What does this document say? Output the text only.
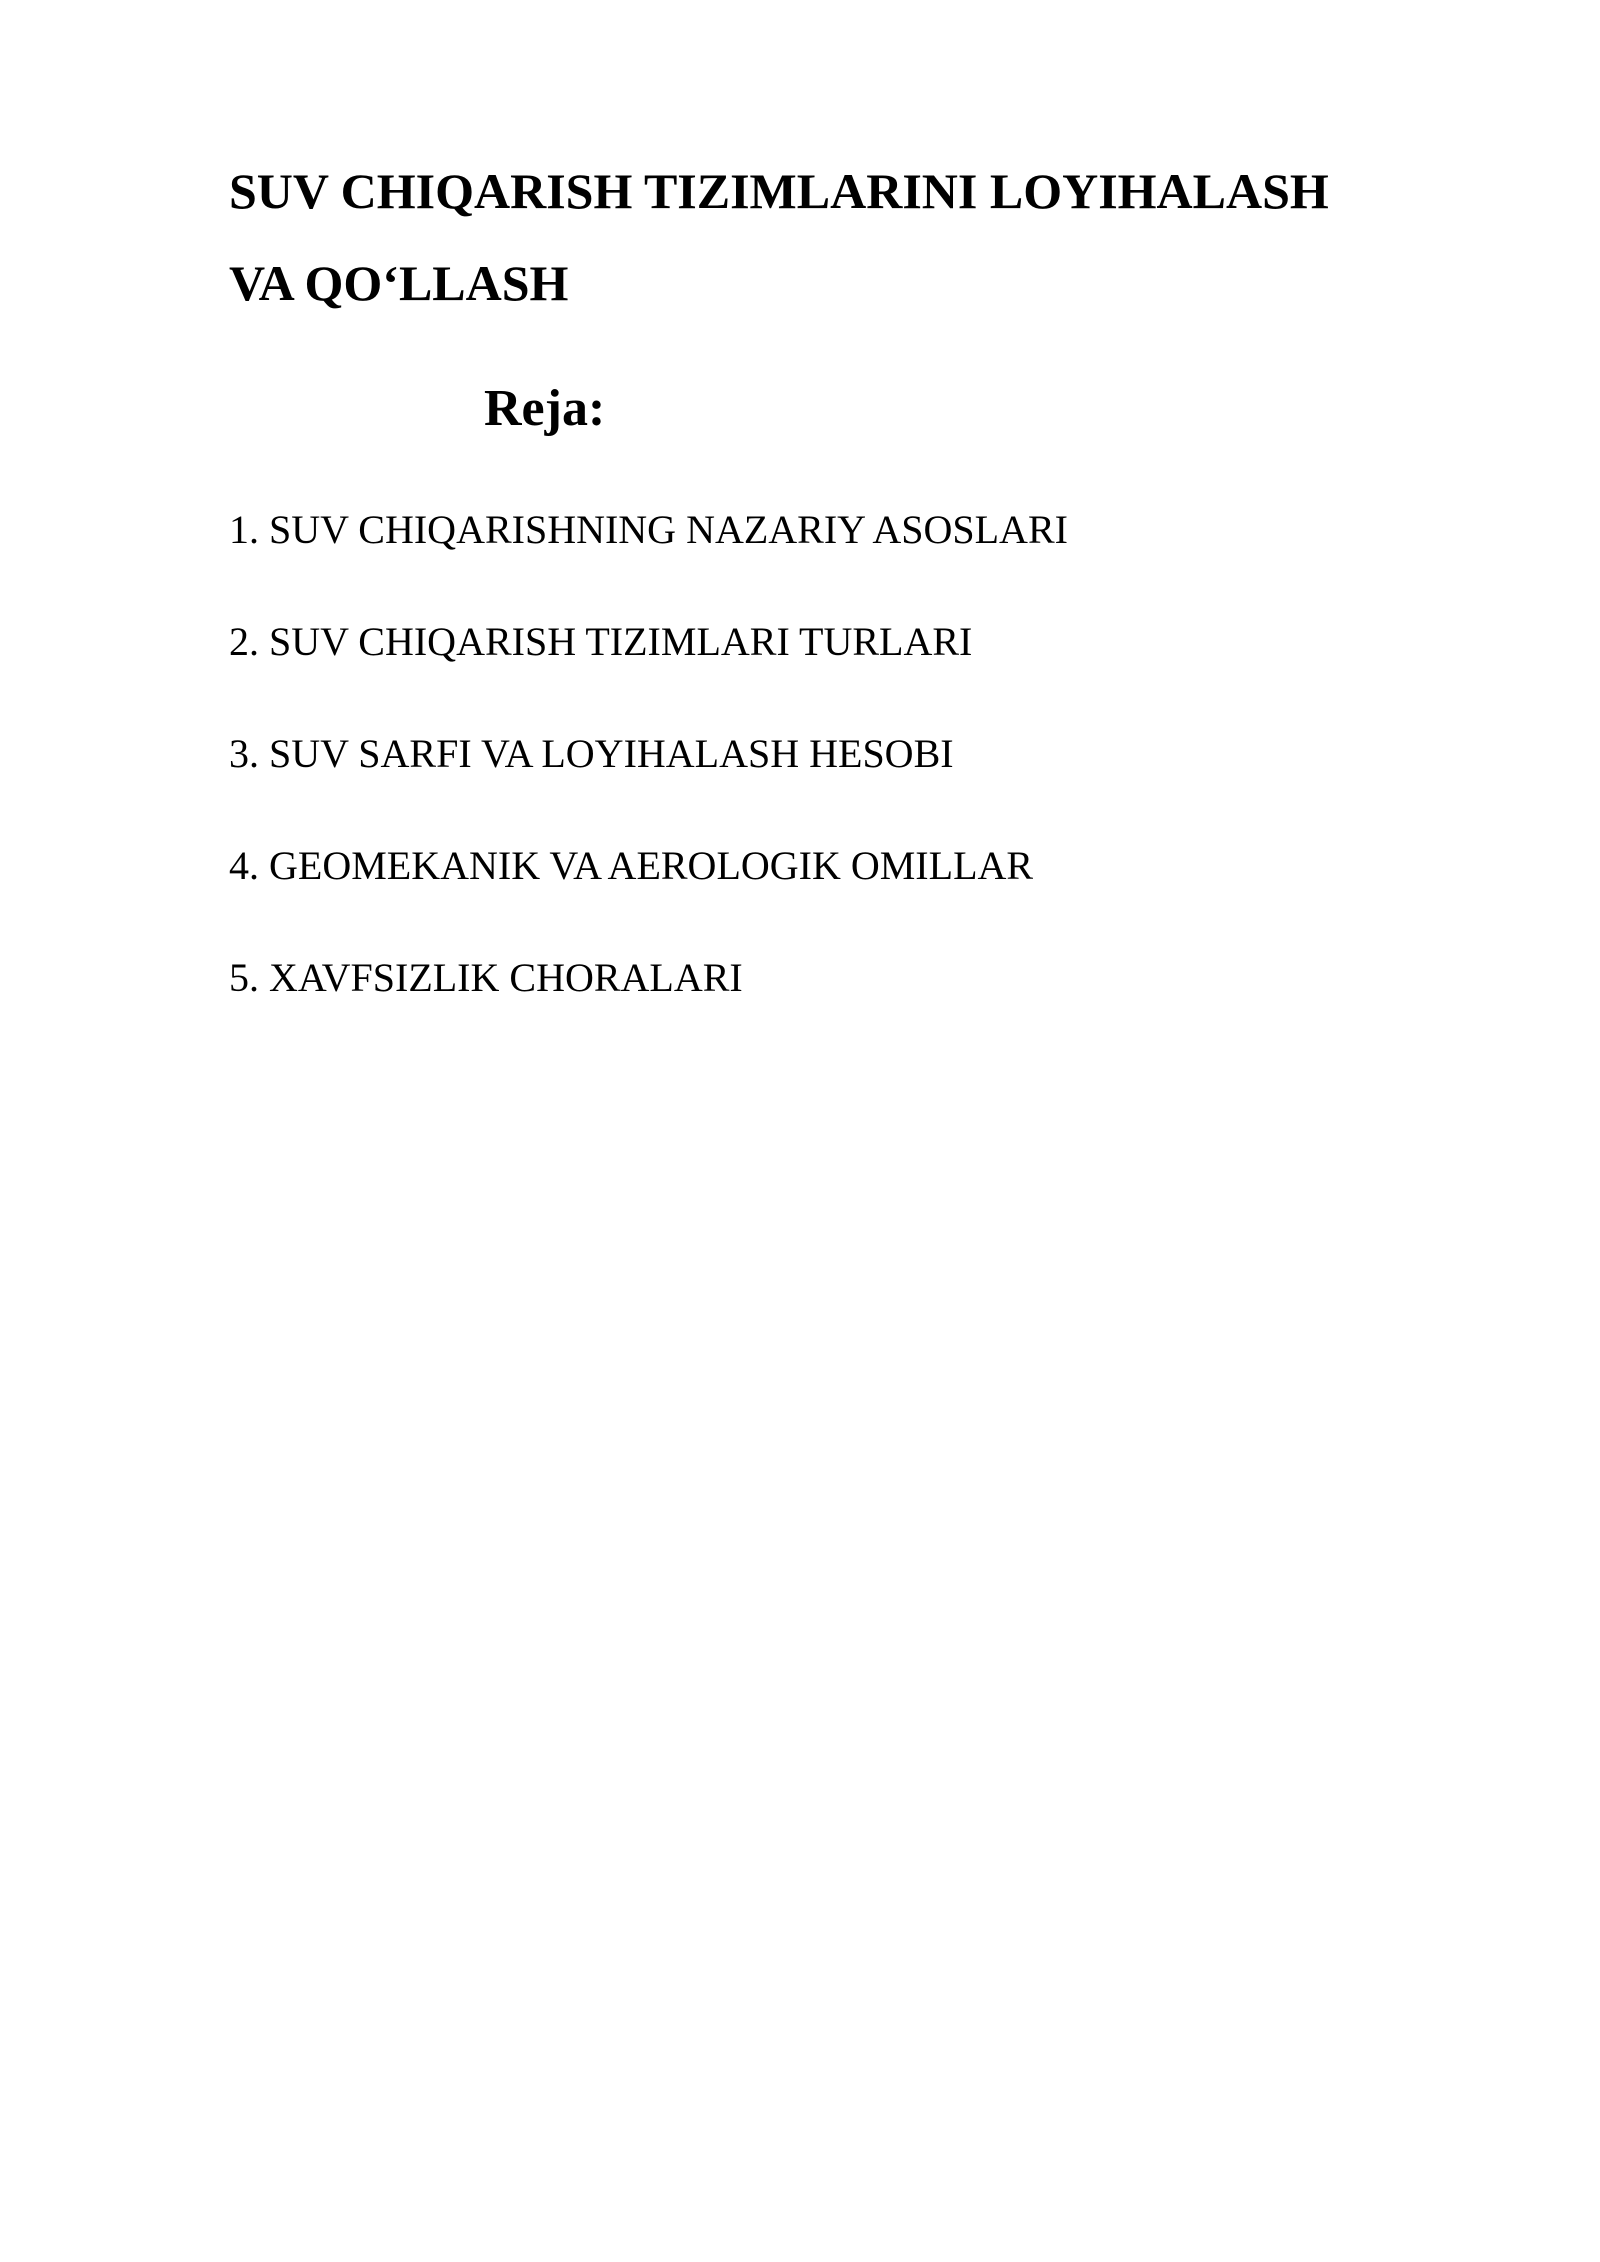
SUV CHIQARISH TIZIMLARINI LOYIHALASH
VA QO‘LLASH
Reja:
1. SUV CHIQARISHNING NAZARIY ASOSLARI
2. SUV CHIQARISH TIZIMLARI TURLARI
3. SUV SARFI VA LOYIHALASH HESOBI
4. GEOMEKANIK VA AEROLOGIK OMILLAR
5. XAVFSIZLIK CHORALARI
